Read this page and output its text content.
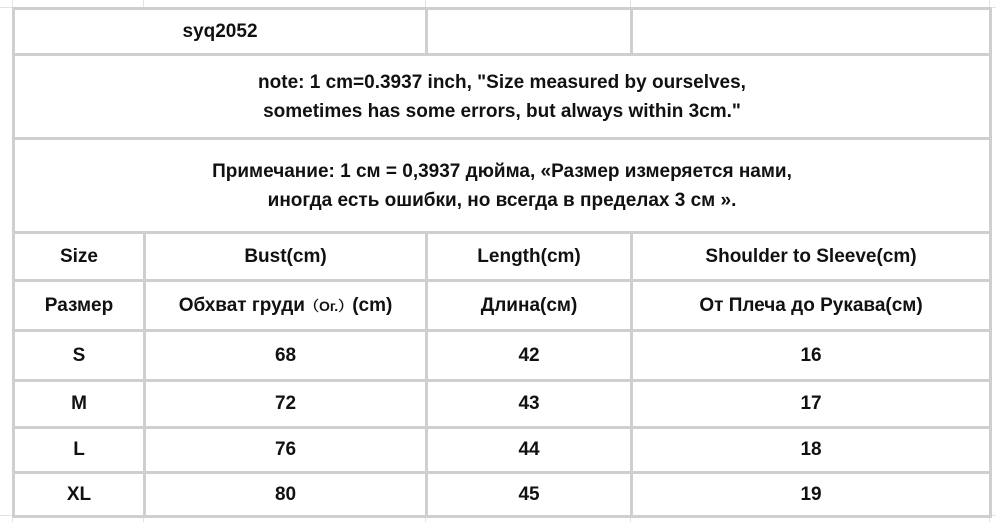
syq2052			

note: 1 cm=0.3937 inch, "Size measured by ourselves,
sometimes has some errors, but always within 3cm."			

Примечание: 1 см = 0,3937 дюйма, «Размер измеряется нами,
иногда есть ошибки, но всегда в пределах 3 см ».			

Size	Bust(cm)	Length(cm)	Shoulder to Sleeve(cm)
Размер	Обхват груди（Ог.）(cm)	Длина(см)	От Плеча до Рукава(см)
S	68	42	16
M	72	43	17
L	76	44	18
XL	80	45	19
